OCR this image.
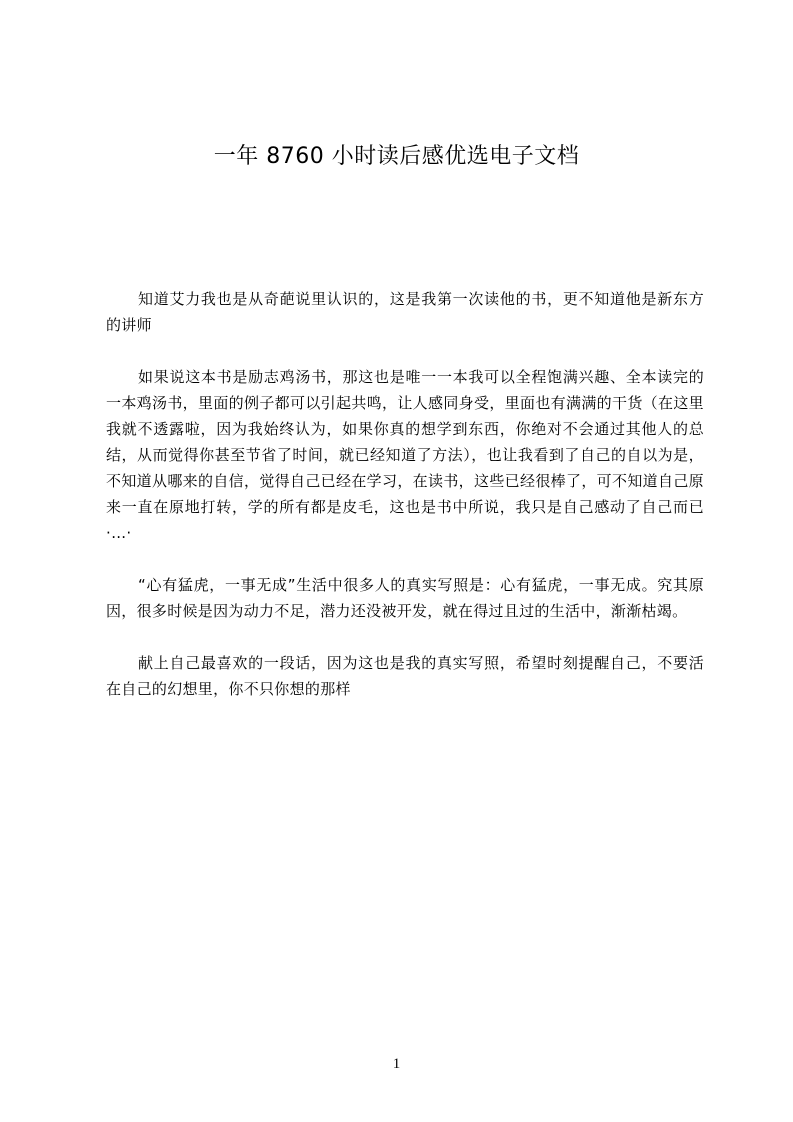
一年 8760 小时读后感优选电子文档

知道艾力我也是从奇葩说里认识的，这是我第一次读他的书，更不知道他是新东方的讲师

如果说这本书是励志鸡汤书，那这也是唯一一本我可以全程饱满兴趣、全本读完的一本鸡汤书，里面的例子都可以引起共鸣，让人感同身受，里面也有满满的干货（在这里我就不透露啦，因为我始终认为，如果你真的想学到东西，你绝对不会通过其他人的总结，从而觉得你甚至节省了时间，就已经知道了方法），也让我看到了自己的自以为是，不知道从哪来的自信，觉得自己已经在学习，在读书，这些已经很棒了，可不知道自己原来一直在原地打转，学的所有都是皮毛，这也是书中所说，我只是自己感动了自己而已·…·

“心有猛虎，一事无成”生活中很多人的真实写照是：心有猛虎，一事无成。究其原因，很多时候是因为动力不足，潜力还没被开发，就在得过且过的生活中，渐渐枯竭。

献上自己最喜欢的一段话，因为这也是我的真实写照，希望时刻提醒自己，不要活在自己的幻想里，你不只你想的那样

1
